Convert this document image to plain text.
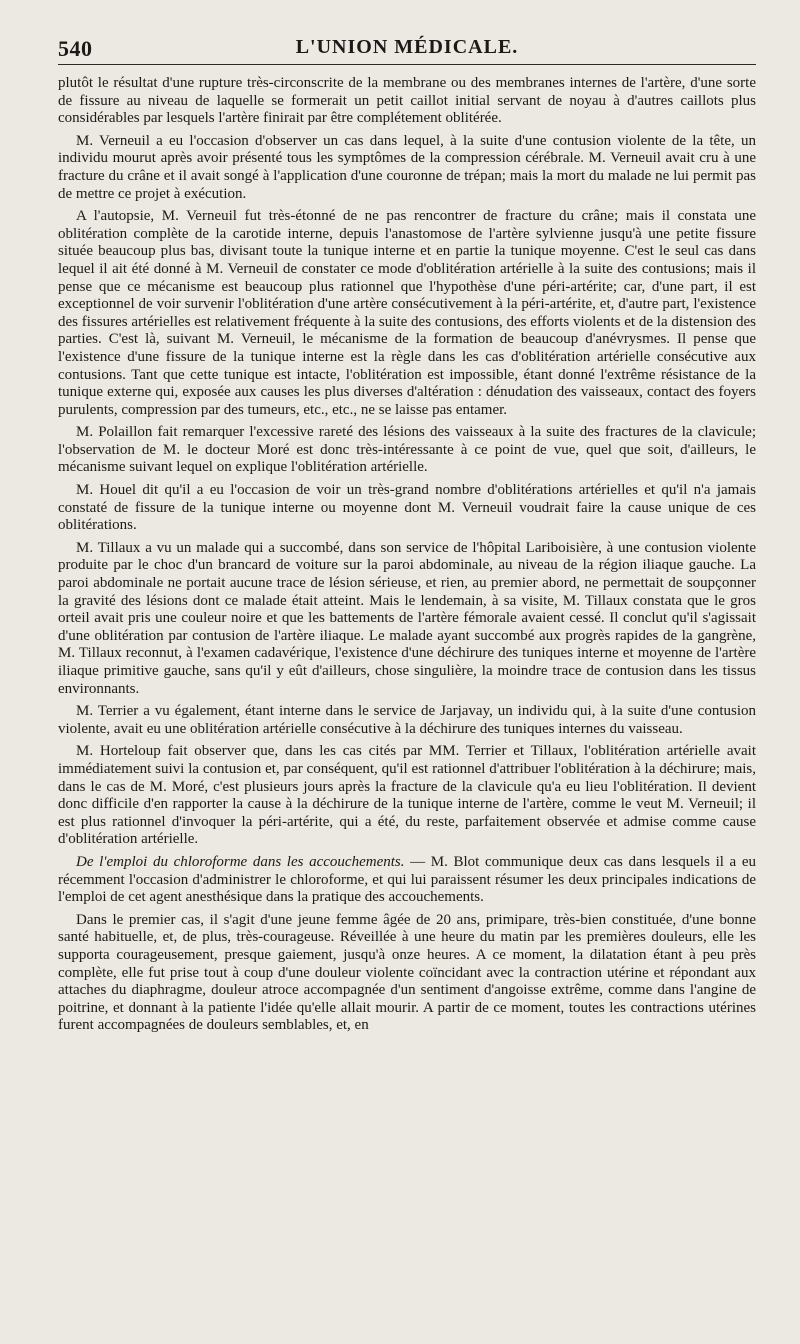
540	L'UNION MÉDICALE.

plutôt le résultat d'une rupture très-circonscrite de la membrane ou des membranes internes de l'artère, d'une sorte de fissure au niveau de laquelle se formerait un petit caillot initial servant de noyau à d'autres caillots plus considérables par lesquels l'artère finirait par être complétement oblitérée.

M. Verneuil a eu l'occasion d'observer un cas dans lequel, à la suite d'une contusion violente de la tête, un individu mourut après avoir présenté tous les symptômes de la compression cérébrale. M. Verneuil avait cru à une fracture du crâne et il avait songé à l'application d'une couronne de trépan; mais la mort du malade ne lui permit pas de mettre ce projet à exécution.

A l'autopsie, M. Verneuil fut très-étonné de ne pas rencontrer de fracture du crâne; mais il constata une oblitération complète de la carotide interne, depuis l'anastomose de l'artère sylvienne jusqu'à une petite fissure située beaucoup plus bas, divisant toute la tunique interne et en partie la tunique moyenne. C'est le seul cas dans lequel il ait été donné à M. Verneuil de constater ce mode d'oblitération artérielle à la suite des contusions; mais il pense que ce mécanisme est beaucoup plus rationnel que l'hypothèse d'une péri-artérite; car, d'une part, il est exceptionnel de voir survenir l'oblitération d'une artère consécutivement à la péri-artérite, et, d'autre part, l'existence des fissures artérielles est relativement fréquente à la suite des contusions, des efforts violents et de la distension des parties. C'est là, suivant M. Verneuil, le mécanisme de la formation de beaucoup d'anévrysmes. Il pense que l'existence d'une fissure de la tunique interne est la règle dans les cas d'oblitération artérielle consécutive aux contusions. Tant que cette tunique est intacte, l'oblitération est impossible, étant donné l'extrême résistance de la tunique externe qui, exposée aux causes les plus diverses d'altération : dénudation des vaisseaux, contact des foyers purulents, compression par des tumeurs, etc., etc., ne se laisse pas entamer.

M. Polaillon fait remarquer l'excessive rareté des lésions des vaisseaux à la suite des fractures de la clavicule; l'observation de M. le docteur Moré est donc très-intéressante à ce point de vue, quel que soit, d'ailleurs, le mécanisme suivant lequel on explique l'oblitération artérielle.

M. Houel dit qu'il a eu l'occasion de voir un très-grand nombre d'oblitérations artérielles et qu'il n'a jamais constaté de fissure de la tunique interne ou moyenne dont M. Verneuil voudrait faire la cause unique de ces oblitérations.

M. Tillaux a vu un malade qui a succombé, dans son service de l'hôpital Lariboisière, à une contusion violente produite par le choc d'un brancard de voiture sur la paroi abdominale, au niveau de la région iliaque gauche. La paroi abdominale ne portait aucune trace de lésion sérieuse, et rien, au premier abord, ne permettait de soupçonner la gravité des lésions dont ce malade était atteint. Mais le lendemain, à sa visite, M. Tillaux constata que le gros orteil avait pris une couleur noire et que les battements de l'artère fémorale avaient cessé. Il conclut qu'il s'agissait d'une oblitération par contusion de l'artère iliaque. Le malade ayant succombé aux progrès rapides de la gangrène, M. Tillaux reconnut, à l'examen cadavérique, l'existence d'une déchirure des tuniques interne et moyenne de l'artère iliaque primitive gauche, sans qu'il y eût d'ailleurs, chose singulière, la moindre trace de contusion dans les tissus environnants.

M. Terrier a vu également, étant interne dans le service de Jarjavay, un individu qui, à la suite d'une contusion violente, avait eu une oblitération artérielle consécutive à la déchirure des tuniques internes du vaisseau.

M. Horteloup fait observer que, dans les cas cités par MM. Terrier et Tillaux, l'oblitération artérielle avait immédiatement suivi la contusion et, par conséquent, qu'il est rationnel d'attribuer l'oblitération à la déchirure; mais, dans le cas de M. Moré, c'est plusieurs jours après la fracture de la clavicule qu'a eu lieu l'oblitération. Il devient donc difficile d'en rapporter la cause à la déchirure de la tunique interne de l'artère, comme le veut M. Verneuil; il est plus rationnel d'invoquer la péri-artérite, qui a été, du reste, parfaitement observée et admise comme cause d'oblitération artérielle.

De l'emploi du chloroforme dans les accouchements. — M. Blot communique deux cas dans lesquels il a eu récemment l'occasion d'administrer le chloroforme, et qui lui paraissent résumer les deux principales indications de l'emploi de cet agent anesthésique dans la pratique des accouchements.

Dans le premier cas, il s'agit d'une jeune femme âgée de 20 ans, primipare, très-bien constituée, d'une bonne santé habituelle, et, de plus, très-courageuse. Réveillée à une heure du matin par les premières douleurs, elle les supporta courageusement, presque gaiement, jusqu'à onze heures. A ce moment, la dilatation étant à peu près complète, elle fut prise tout à coup d'une douleur violente coïncidant avec la contraction utérine et répondant aux attaches du diaphragme, douleur atroce accompagnée d'un sentiment d'angoisse extrême, comme dans l'angine de poitrine, et donnant à la patiente l'idée qu'elle allait mourir. A partir de ce moment, toutes les contractions utérines furent accompagnées de douleurs semblables, et, en
